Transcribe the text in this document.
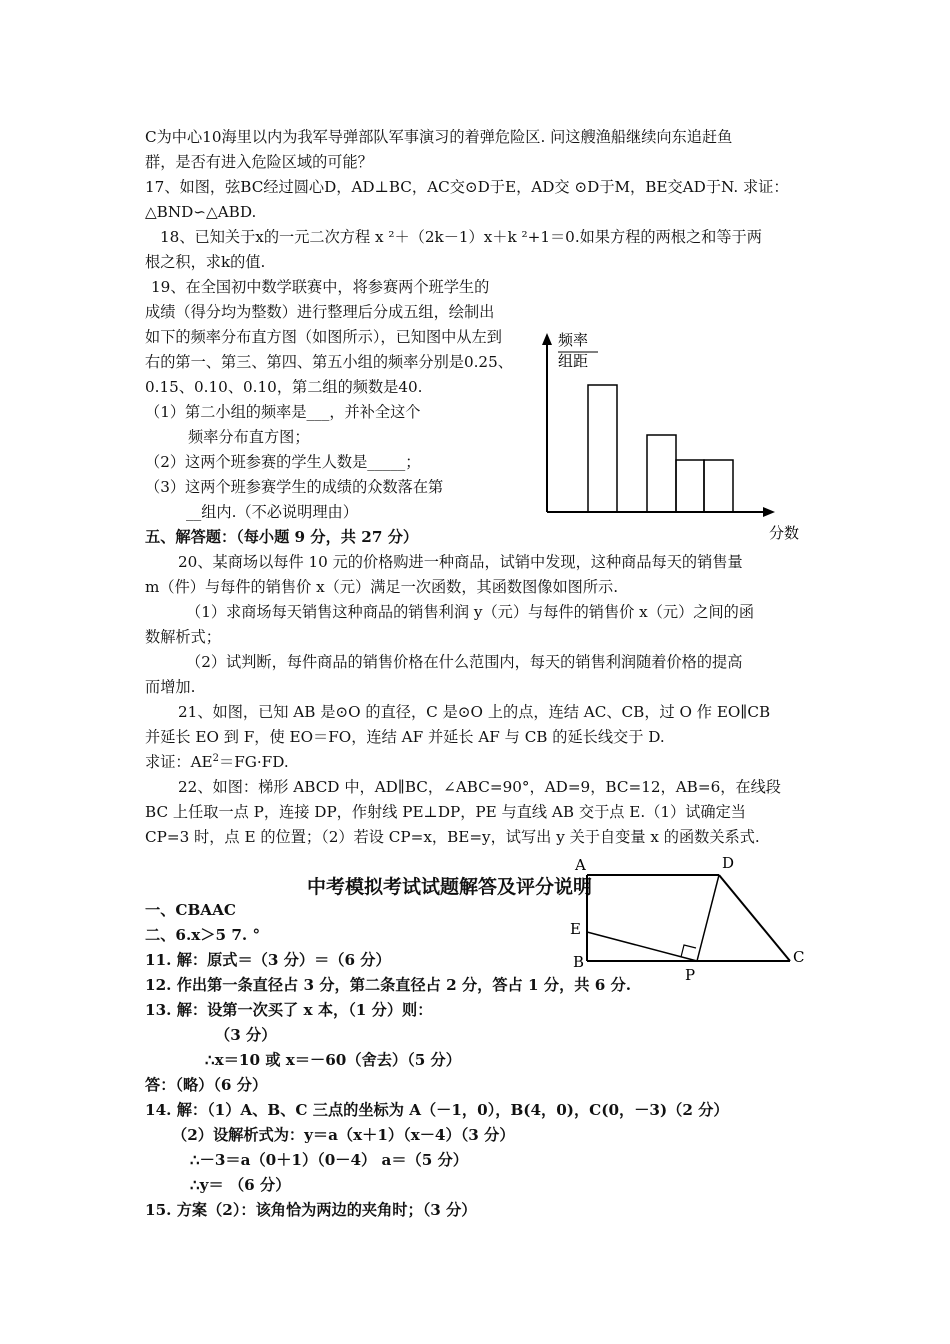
C为中心10海里以内为我军导弹部队军事演习的着弹危险区. 问这艘渔船继续向东追赶鱼
群，是否有进入危险区域的可能？
17、如图，弦BC经过圆心D，AD⊥BC，AC交⊙D于E，AD交 ⊙D于M，BE交AD于N. 求证：
△BND∽△ABD.
18、已知关于x的一元二次方程 x ²＋（2k－1）x＋k ²+1＝0.如果方程的两根之和等于两
根之积，求k的值.
19、在全国初中数学联赛中，将参赛两个班学生的
成绩（得分均为整数）进行整理后分成五组，绘制出
如下的频率分布直方图（如图所示），已知图中从左到
右的第一、第三、第四、第五小组的频率分别是0.25、
0.15、0.10、0.10，第二组的频数是40.
（1）第二小组的频率是___，并补全这个
频率分布直方图；
（2）这两个班参赛的学生人数是_____；
（3）这两个班参赛学生的成绩的众数落在第
__组内.（不必说明理由）
五、解答题：（每小题 9 分，共 27 分）
20、某商场以每件 10 元的价格购进一种商品，试销中发现，这种商品每天的销售量
m（件）与每件的销售价 x（元）满足一次函数，其函数图像如图所示.
（1）求商场每天销售这种商品的销售利润 y（元）与每件的销售价 x（元）之间的函
数解析式；
（2）试判断，每件商品的销售价格在什么范围内，每天的销售利润随着价格的提高
而增加.
21、如图，已知 AB 是⊙O 的直径，C 是⊙O 上的点，连结 AC、CB，过 O 作 EO∥CB
并延长 EO 到 F，使 EO＝FO，连结 AF 并延长 AF 与 CB 的延长线交于 D.
求证：$AE^2=FG\cdot FD$.
22、如图：梯形 ABCD 中，AD∥BC，∠ABC=90°，AD=9，BC=12，AB=6，在线段
BC 上任取一点 P，连接 DP，作射线 PE⊥DP，PE 与直线 AB 交于点 E.（1）试确定当
CP=3 时，点 E 的位置；（2）若设 CP=x，BE=y，试写出 y 关于自变量 x 的函数关系式.
中考模拟考试试题解答及评分说明
一、CBAAC
二、6.x＞5 7. °
11. 解：原式＝（3 分）＝（6 分）
12. 作出第一条直径占 3 分，第二条直径占 2 分，答占 1 分，共 6 分.
13. 解：设第一次买了 x 本，（1 分）则：
（3 分）
∴x＝10 或 x＝－60（舍去）（5 分）
答：（略）（6 分）
14. 解：（1）A、B、C 三点的坐标为 A（－1，0），B(4，0)，C(0，－3)（2 分）
（2）设解析式为：y＝a（x＋1）（x－4）（3 分）
∴－3＝a（0＋1）（0－4） a＝（5 分）
∴y＝ （6 分）
15. 方案（2）：该角恰为两边的夹角时；（3 分）
频率
组距
分数
A	D
E
B
P
C
